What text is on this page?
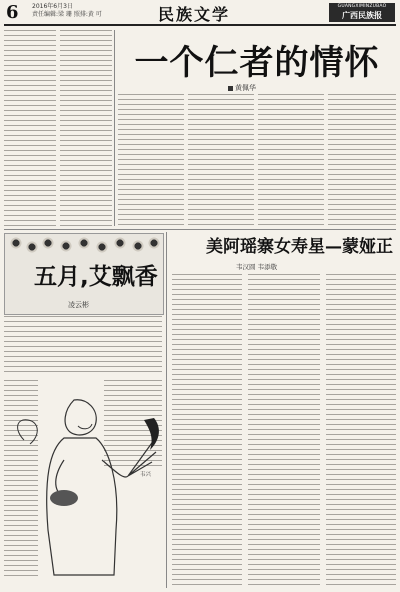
6 2016年6月3日
责任编辑:梁 珊 照排:黄 可	民族文学	GUANGXIMINZUBAO
广西民族报
一个仁者的情怀
黄佩华
五月,艾飘香
凌云彬
韦兴
美阿瑶寨女寿星—蒙娅正
韦汉圆 韦添敬
